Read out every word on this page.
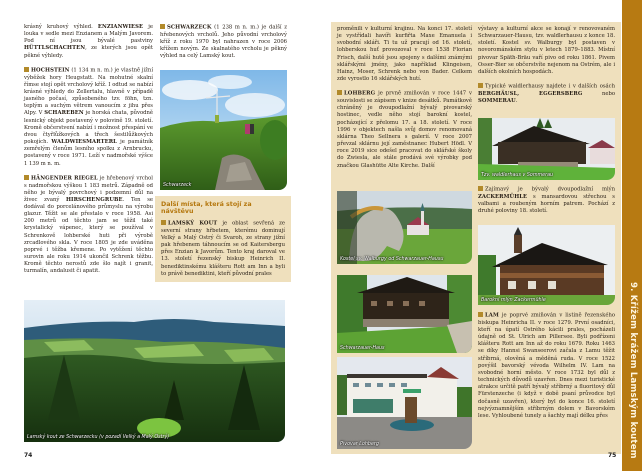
krásný kruhový výhled. ENZIANWIESE je louka v sedle mezi Enzianem a Malým Javorem. Pod ní jsou bývalé pastviny HÜTTLSCHACHTEN, ze kterých jsou opět pěkné výhledy.

HOCHSTEIN (1 134 m n. m.) je vlastně jižní výběžek hory Heugstatt. Na mohutné skalní římse stojí opět vrcholový kříž. I odtud se nabízí krásné výhledy do Zellertalu, hlavně v případě jasného počasí, způsobeného tzv. föhn, tzn. teplým a suchým větrem vanoucím z jihu přes Alpy. V SCHAREBEN je horská chata, původně lesnický objekt postavený v polovině 19. století. Kromě občerstvení nabízí i možnost přespání ve dvou čtyřlůžkových a třech šestilůžkových pokojích. WALDWIESMARTERL je památník zemřelým členům lesního spolku z Arnbrucku, postavený v roce 1971. Leží v nadmořské výšce 1 139 m n. m.

HÄNGENDER RIEGEL je hřebenový vrchol s nadmořskou výškou 1 183 metrů. Západně od něho je bývalý povrchový i podzemní důl na živec zvaný HIRSCHENGRUBE. Ten se dodával do porcelánového průmyslu na výrobu glazur. Těžit se ale přestalo v roce 1958. Asi 200 metrů od těchto jam se těžil také krystalický vápenec, který se používal v Schrenkově lohberské huti při výrobě zrcadlového skla. V roce 1805 je zde uváděna poprvé i těžba křemene. Po vytěžení těchto surovin ale roku 1914 ukončil Schrenk těžbu. Kromě těchto nerostů zde šlo najít i granit, turmalín, andalusit či apatit.

SCHWARZECK (1 238 m n. m.) je další z hřebenových vrcholů. Jeho původní vrcholový kříž z roku 1970 byl nahrazen v roce 2006 křížem novým. Ze skalnatého vrcholu je pěkný výhled na celý Lamský kout.

Schwarzeck
Další místa, která stojí za návštěvu

LAMSKÝ KOUT je oblast sevřená ze severní strany hřbetem, kterému dominují Velký a Malý Ostrý či Svaroh, ze strany jižní pak hřebenem táhnoucím se od Kaitersbergu přes Enzian k Javorům. Tento kraj daroval ve 13. století řezenský biskup Heinrich II. benediktinskému klášteru Rott am Inn a byli to právě benediktini, kteří původní prales

Lamský kout ze Schwarzecku (v pozadí Velký a Malý Ostrý)
74

proměnili v kulturní krajinu. Na konci 17. století je vystřídali havíři kurfiřta Maxe Emanuela i svobodní skláři. Ti tu už pracují od 16. století, lohberskou huť provozoval v roce 1538 Florian Frisch, další hutě jsou spojeny s dalšími známými sklářskými jmény, jako například Klingeisen, Hainz, Moser, Schrenk nebo von Bader. Celkem zde vyrostlo 16 sklářských hutí.

LOHBERG je prvně zmiňován v roce 1447 v souvislosti se zápisem v knize desátků. Památkově chráněný je dvoupodlažní bývalý pivovarský hostinec, vedle něho stojí barokní kostel, pocházející z přelomu 17. a 18. století. V roce 1996 v objektech našla svůj domov renomovaná sklárna Theo Sellnera s galerií. V roce 2007 převzal sklárnu její zaměstnanec Hubert Hödl. V roce 2019 sice odešel pracovat do sklářské školy do Zwiesla, ale stále prodává své výrobky pod značkou Glashütte Alte Kirche. Další

Kostel sv. Walburgy od Schwarzauer-Hausu
Schwarzauer-Haus
Pivovar Lohberg

výstavy a kulturní akce se konají v renovovaném Schwarzauer-Hausu, tzv. waldlerhausu z konce 18. století. Kostel sv. Walburgy byl postaven v novorománském stylu v letech 1879–1883. Místní pivovar Späth-Bräu vaří pivo od roku 1861. Pivem Osser-Bier se občerstvíte nejenom na Ostrém, ale i dalších okolních hospodách.

Typické waldlerhausy najdete i v dalších osách BERGHÄUSL, EGGERSBERG nebo SOMMERAU.

Tzv. waldlerhaus v Sommerau

Zajímavý je bývalý dvoupodlažní mlýn ZACKERMÜHLE s mansardovou střechou s valbami a roubeným horním patrem. Pochází z druhé poloviny 18. století.

Barokní mlýn Zackermühle

LAM je poprvé zmiňován v listině řezenského biskupa Heinricha II. v roce 1279. První osadníci, kteří na úpatí Ostrého kácili prales, pocházeli údajně od St. Ulrich am Pillersee. Byli podřízeni klášteru Rott am Inn až do roku 1679. Roku 1463 se díky Hannsi Swanseerovi začala z Lamu těžit stříbrná, olověná a měděná ruda. V roce 1522 povýšil bavorský vévoda Wilhelm IV. Lam na svobodné horní město. V roce 1732 byl důl z technických důvodů uzavřen. Dnes mezi turistické atrakce určitě patří bývalý stříbrný a fluoritový důl Fürstenzeche (i když v době psaní průvodce byl dočasně uzavřen), který byl do konce 16. století nejvýznamnějším stříbrným dolem v Bavorském lese. Vyhloubené tunely a šachty mají délku přes

75 9. Křížem krážem Lamským koutem
